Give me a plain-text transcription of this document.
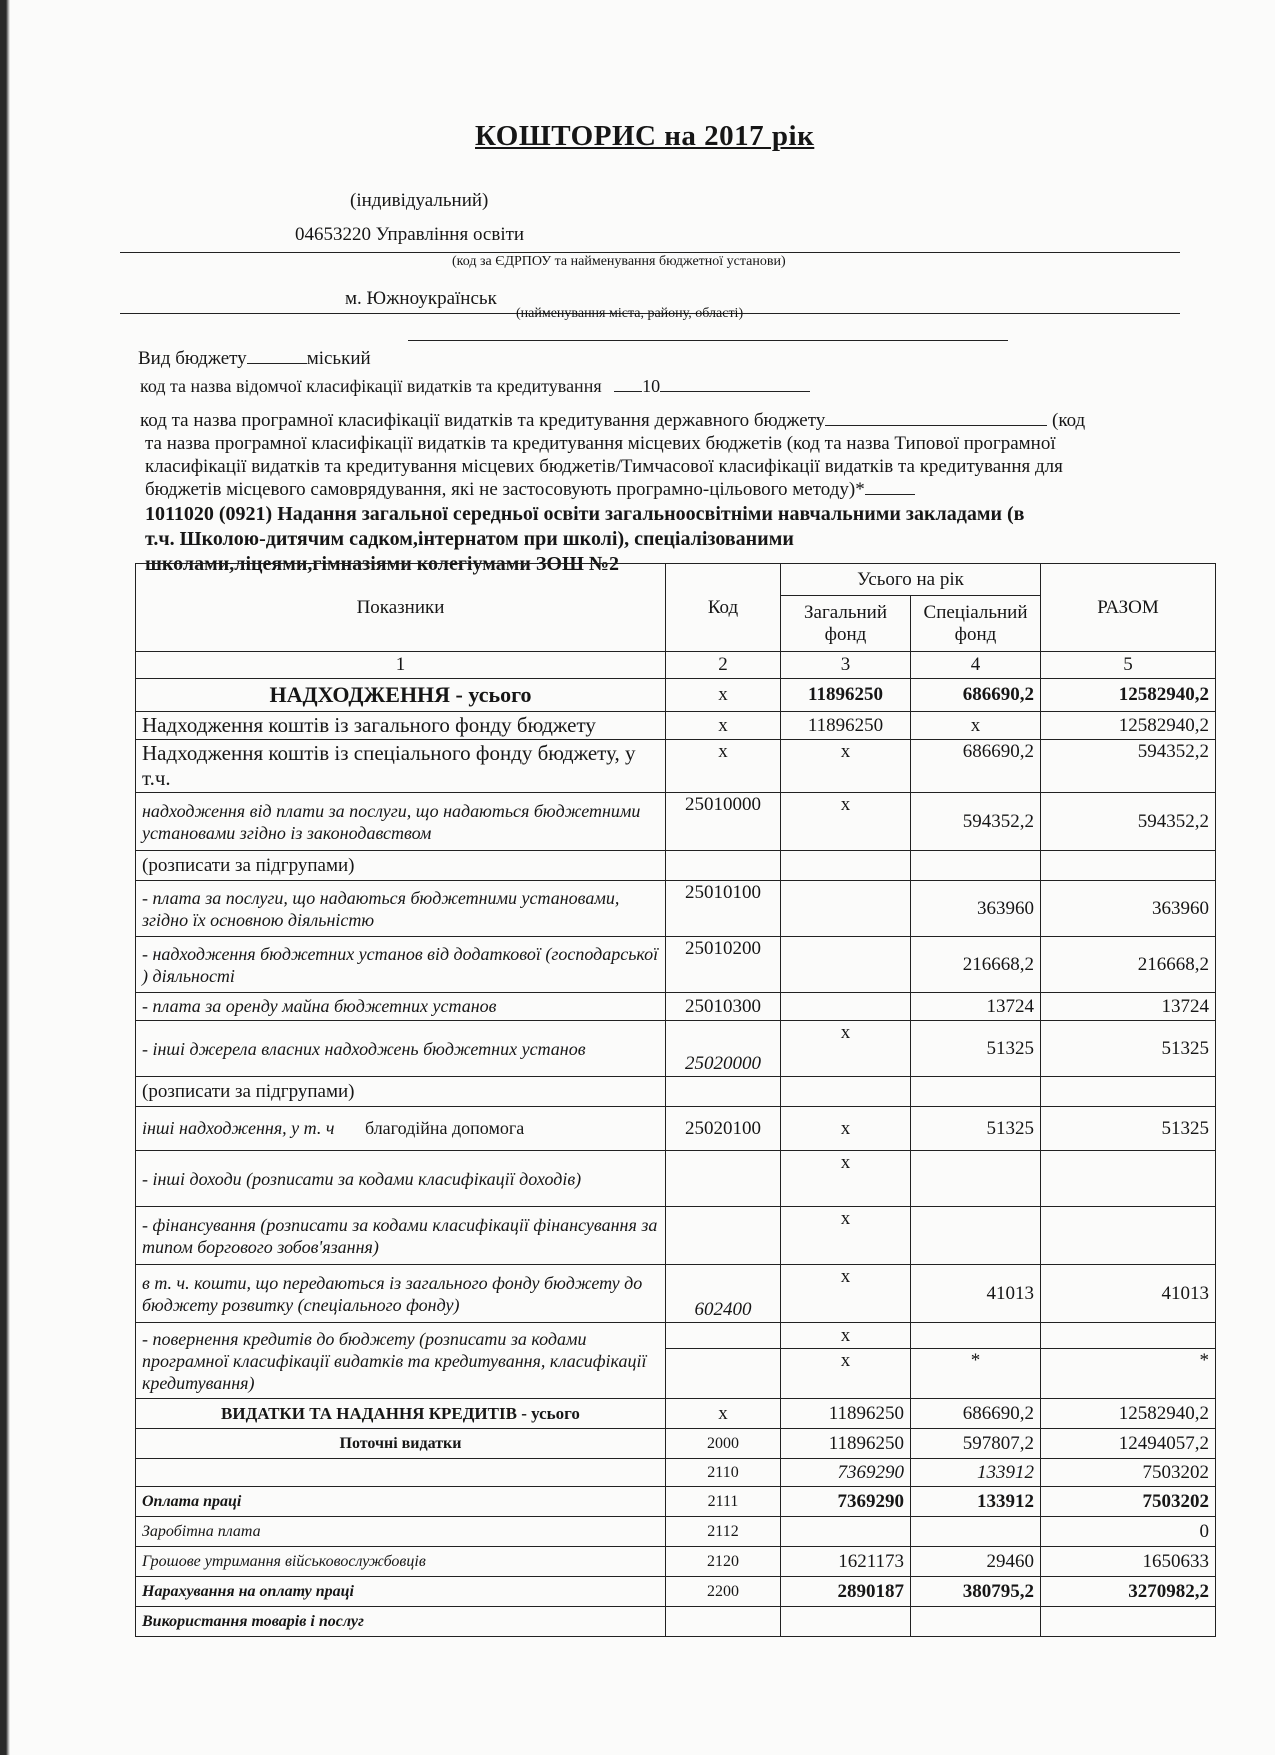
КОШТОРИС на 2017 рік
(індивідуальний)
04653220 Управління освіти
(код за ЄДРПОУ та найменування бюджетної установи)
м. Южноукраїнськ
(найменування міста, району, області)
Вид бюджету	міський
код та назва відомчої класифікації видатків та кредитування 10
код та назва програмної класифікації видатків та кредитування державного бюджету	(код
та назва програмної класифікації видатків та кредитування місцевих бюджетів (код та назва Типової програмної
класифікації видатків та кредитування місцевих бюджетів/Тимчасової класифікації видатків та кредитування для
бюджетів місцевого самоврядування, які не застосовують програмно-цільового методу)*
1011020 (0921) Надання загальної середньої освіти загальноосвітніми навчальними закладами (в
т.ч. Школою-дитячим садком,інтернатом при школі), спеціалізованими
школами,ліцеями,гімназіями колегіумами ЗОШ №2
Показники	Код	Усього на рік		РАЗОМ
		Загальний фонд	Спеціальний фонд	
1	2	3	4	5
НАДХОДЖЕННЯ - усього	x	11896250	686690,2	12582940,2
Надходження коштів із загального фонду бюджету	x	11896250	x	12582940,2
Надходження коштів із спеціального фонду бюджету, у т.ч.	x	x	686690,2	594352,2
надходження від плати за послуги, що надаються бюджетними установами згідно із законодавством	25010000	x	594352,2	594352,2
(розписати за підгрупами)				
- плата за послуги, що надаються бюджетними установами, згідно їх основною діяльністю	25010100		363960	363960
- надходження бюджетних установ від додаткової (господарської ) діяльності	25010200		216668,2	216668,2
- плата за оренду майна бюджетних установ	25010300		13724	13724
- інші джерела власних надходжень бюджетних установ	25020000	x	51325	51325
(розписати за підгрупами)				
інші надходження, у т. ч благодійна допомога	25020100	x	51325	51325
- інші доходи (розписати за кодами класифікації доходів)		x		
- фінансування (розписати за кодами класифікації фінансування за типом боргового зобов'язання)		x		
в т. ч. кошти, що передаються із загального фонду бюджету до бюджету розвитку (спеціального фонду)	602400	x	41013	41013
- повернення кредитів до бюджету (розписати за кодами програмної класифікації видатків та кредитування, класифікації кредитування)		x		
		x	*	*
ВИДАТКИ ТА НАДАННЯ КРЕДИТІВ - усього	x	11896250	686690,2	12582940,2
Поточні видатки	2000	11896250	597807,2	12494057,2
	2110	7369290	133912	7503202
Оплата праці	2111	7369290	133912	7503202
Заробітна плата	2112			0
Грошове утримання військовослужбовців	2120	1621173	29460	1650633
Нарахування на оплату праці	2200	2890187	380795,2	3270982,2
Використання товарів і послуг				
